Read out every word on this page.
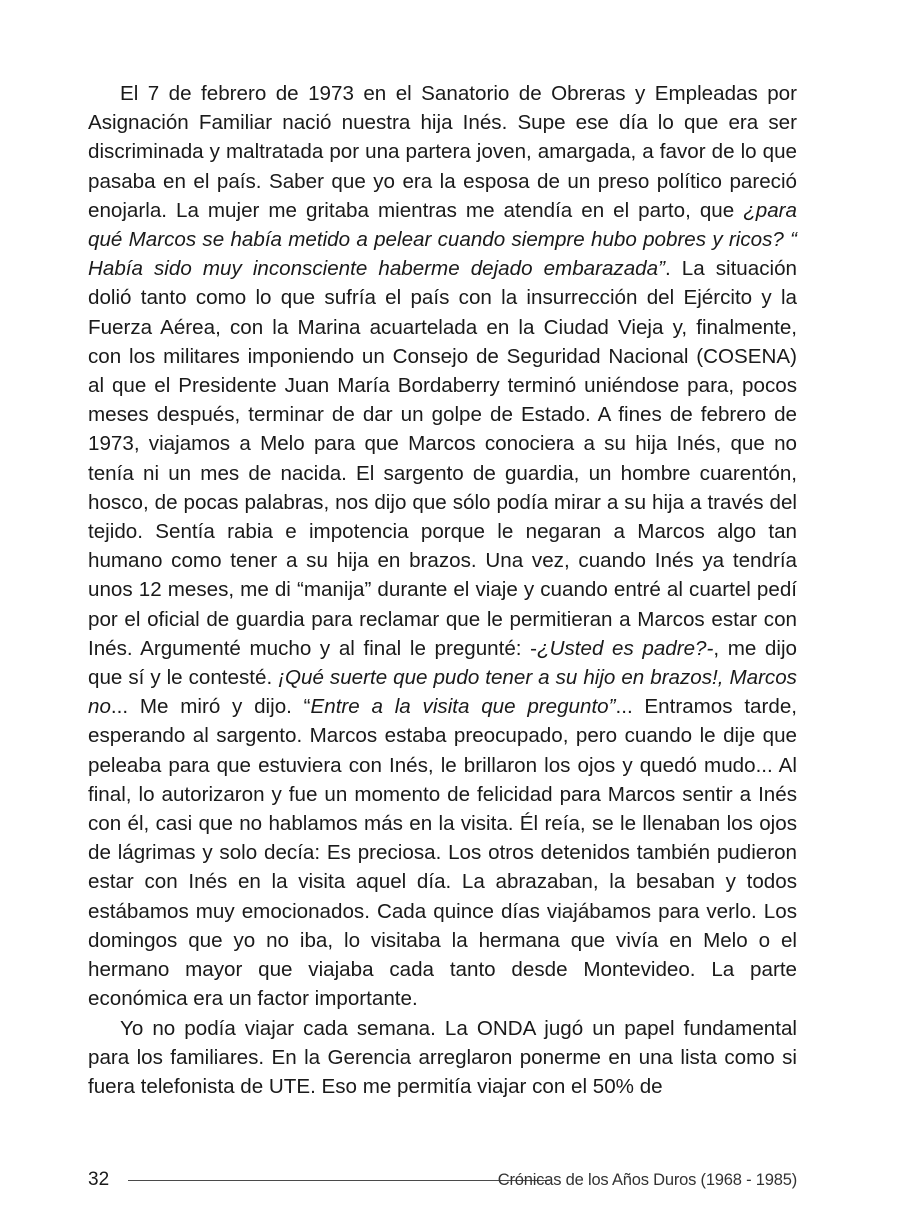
El 7 de febrero de 1973 en el Sanatorio de Obreras y Empleadas por Asignación Familiar nació nuestra hija Inés. Supe ese día lo que era ser discriminada y maltratada por una partera joven, amargada, a favor de lo que pasaba en el país. Saber que yo era la esposa de un preso político pareció enojarla. La mujer me gritaba mientras me atendía en el parto, que ¿para qué Marcos se había metido a pelear cuando siempre hubo pobres y ricos? “ Había sido muy inconsciente haberme dejado embarazada”. La situación dolió tanto como lo que sufría el país con la insurrección del Ejército y la Fuerza Aérea, con la Marina acuartelada en la Ciudad Vieja y, finalmente, con los militares imponiendo un Consejo de Seguridad Nacional (COSENA) al que el Presidente Juan María Bordaberry terminó uniéndose para, pocos meses después, terminar de dar un golpe de Estado. A fines de febrero de 1973, viajamos a Melo para que Marcos conociera a su hija Inés, que no tenía ni un mes de nacida. El sargento de guardia, un hombre cuarentón, hosco, de pocas palabras, nos dijo que sólo podía mirar a su hija a través del tejido. Sentía rabia e impotencia porque le negaran a Marcos algo tan humano como tener a su hija en brazos. Una vez, cuando Inés ya tendría unos 12 meses, me di “manija” durante el viaje y cuando entré al cuartel pedí por el oficial de guardia para reclamar que le permitieran a Marcos estar con Inés. Argumenté mucho y al final le pregunté: -¿Usted es padre?-, me dijo que sí y le contesté. ¡Qué suerte que pudo tener a su hijo en brazos!, Marcos no... Me miró y dijo. “Entre a la visita que pregunto”... Entramos tarde, esperando al sargento. Marcos estaba preocupado, pero cuando le dije que peleaba para que estuviera con Inés, le brillaron los ojos y quedó mudo... Al final, lo autorizaron y fue un momento de felicidad para Marcos sentir a Inés con él, casi que no hablamos más en la visita. Él reía, se le llenaban los ojos de lágrimas y solo decía: Es preciosa. Los otros detenidos también pudieron estar con Inés en la visita aquel día. La abrazaban, la besaban y todos estábamos muy emocionados. Cada quince días viajábamos para verlo. Los domingos que yo no iba, lo visitaba la hermana que vivía en Melo o el hermano mayor que viajaba cada tanto desde Montevideo. La parte económica era un factor importante.

Yo no podía viajar cada semana. La ONDA jugó un papel fundamental para los familiares. En la Gerencia arreglaron ponerme en una lista como si fuera telefonista de UTE. Eso me permitía viajar con el 50% de

32	Crónicas de los Años Duros (1968 - 1985)
